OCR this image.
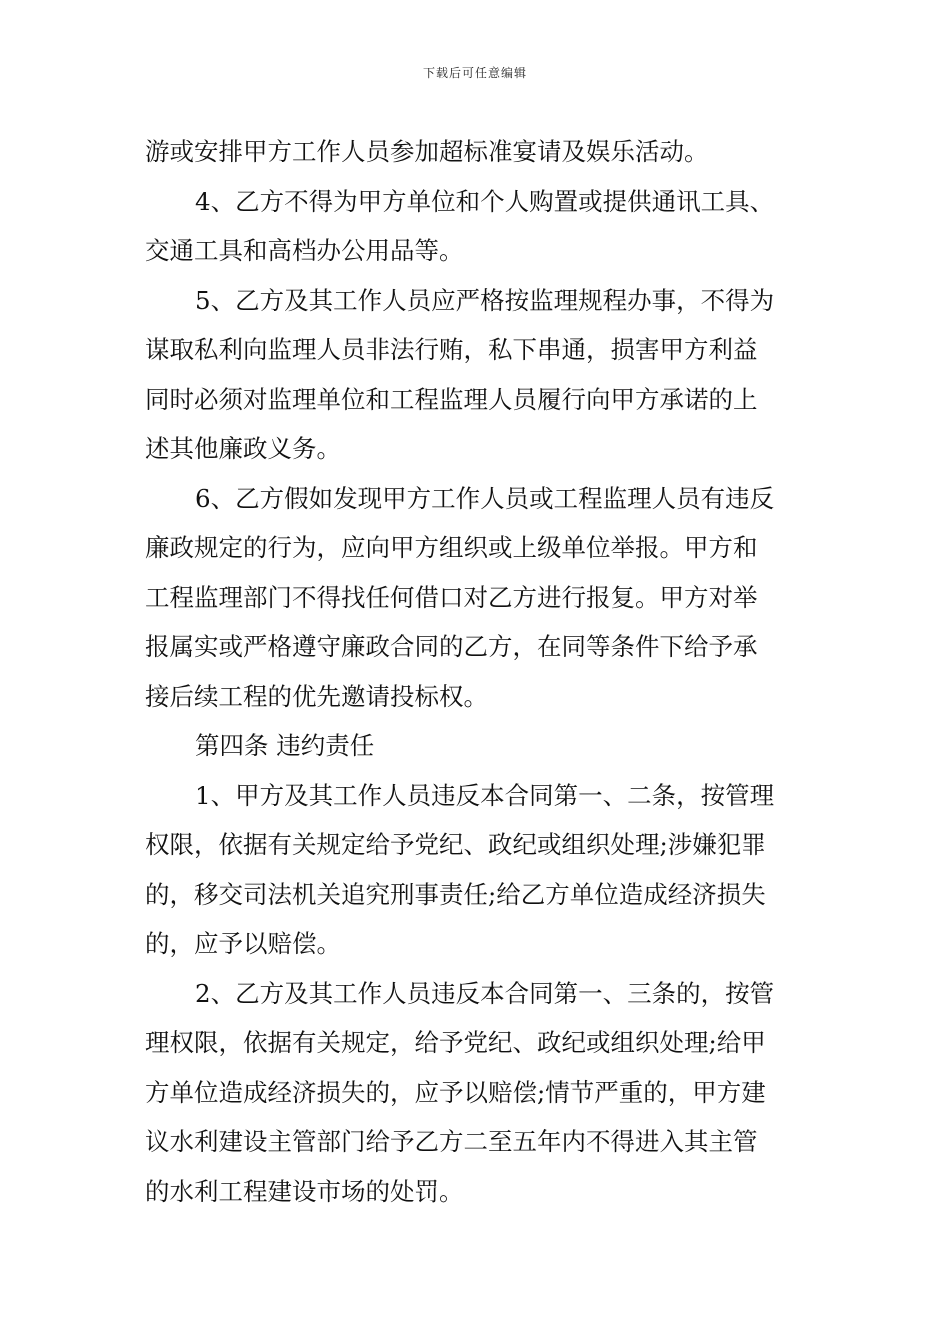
下载后可任意编辑
游或安排甲方工作人员参加超标准宴请及娱乐活动。
4、乙方不得为甲方单位和个人购置或提供通讯工具、
交通工具和高档办公用品等。
5、乙方及其工作人员应严格按监理规程办事，不得为
谋取私利向监理人员非法行贿，私下串通，损害甲方利益
同时必须对监理单位和工程监理人员履行向甲方承诺的上
述其他廉政义务。
6、乙方假如发现甲方工作人员或工程监理人员有违反
廉政规定的行为，应向甲方组织或上级单位举报。甲方和
工程监理部门不得找任何借口对乙方进行报复。甲方对举
报属实或严格遵守廉政合同的乙方，在同等条件下给予承
接后续工程的优先邀请投标权。
第四条 违约责任
1、甲方及其工作人员违反本合同第一、二条，按管理
权限，依据有关规定给予党纪、政纪或组织处理;涉嫌犯罪
的，移交司法机关追究刑事责任;给乙方单位造成经济损失
的，应予以赔偿。
2、乙方及其工作人员违反本合同第一、三条的，按管
理权限，依据有关规定，给予党纪、政纪或组织处理;给甲
方单位造成经济损失的，应予以赔偿;情节严重的，甲方建
议水利建设主管部门给予乙方二至五年内不得进入其主管
的水利工程建设市场的处罚。
